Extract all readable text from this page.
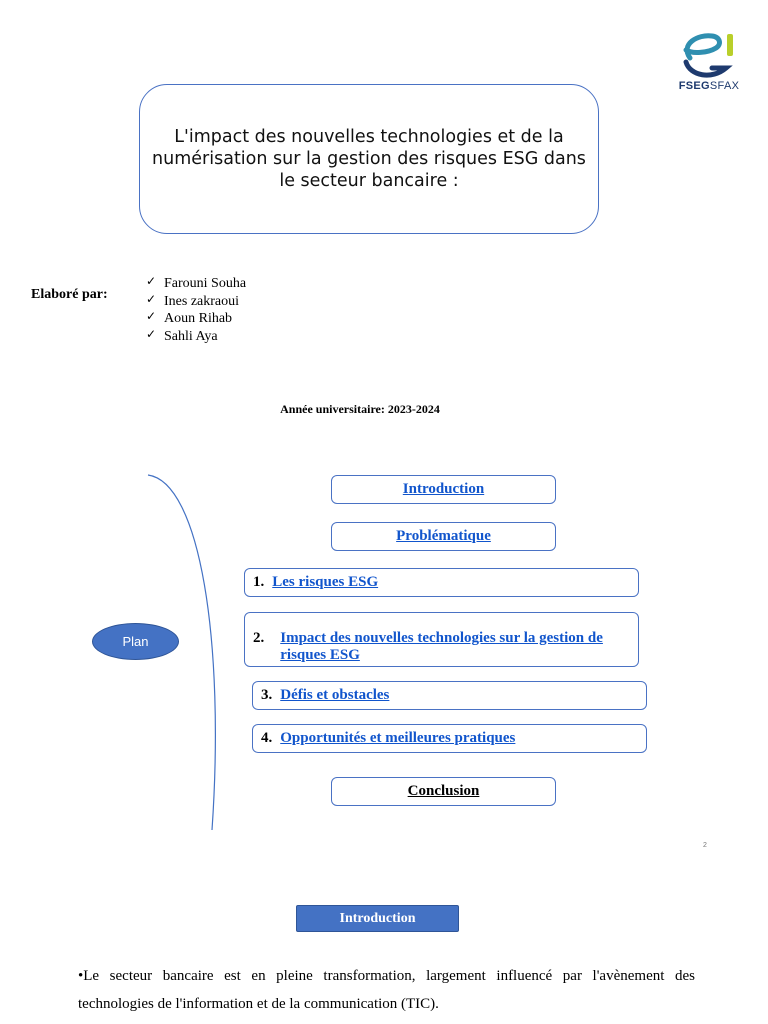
FSEGSFAX
L'impact des nouvelles technologies et de la numérisation sur la gestion des risques ESG dans le secteur bancaire :
Elaboré par:
✓ Farouni Souha
✓ Ines zakraoui
✓ Aoun Rihab
✓ Sahli Aya
Année universitaire: 2023-2024
Plan
Introduction
Problématique
1. Les risques ESG
2. Impact des nouvelles technologies sur la gestion de
risques ESG
3. Défis et obstacles
4. Opportunités et meilleures pratiques
Conclusion
2
Introduction
•Le secteur bancaire est en pleine transformation, largement influencé par l'avènement des technologies de l'information et de la communication (TIC).
